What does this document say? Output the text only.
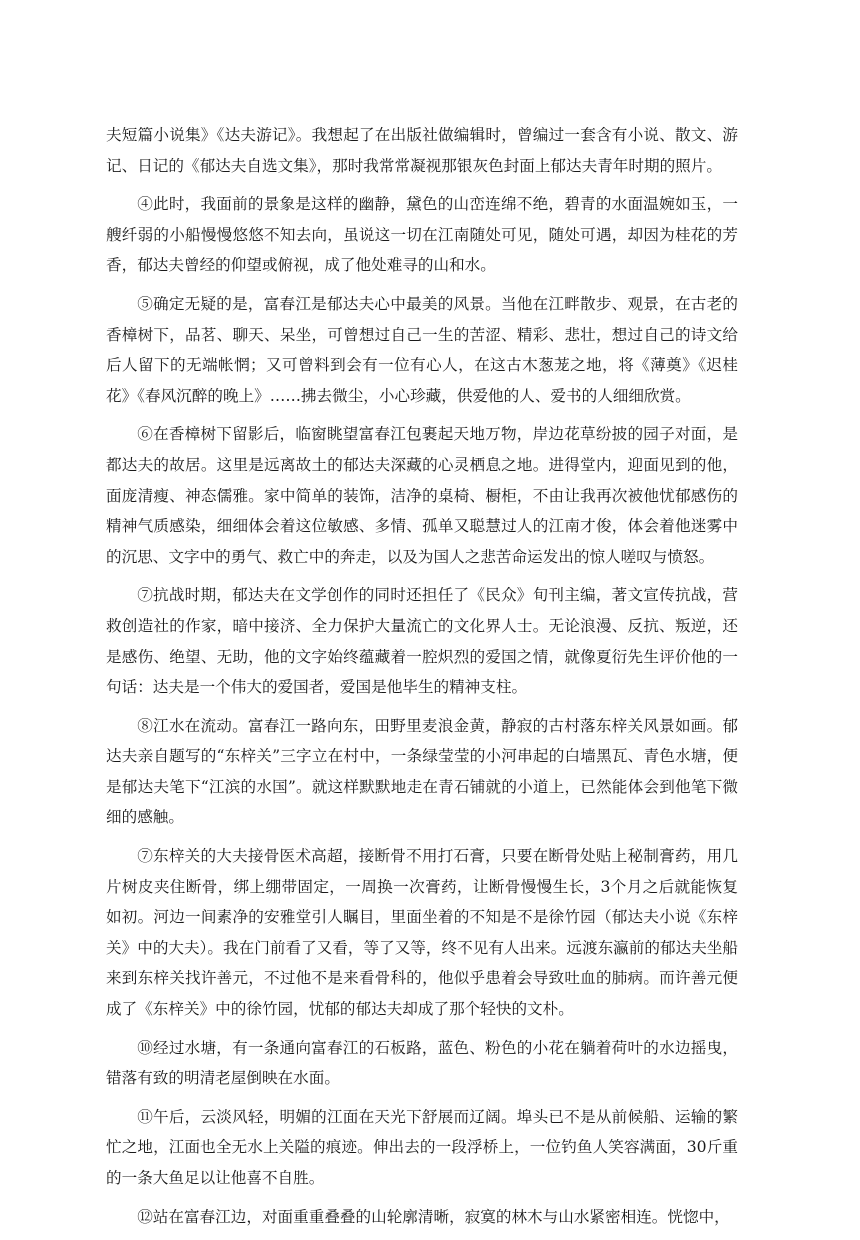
夫短篇小说集》《达夫游记》。我想起了在出版社做编辑时，曾编过一套含有小说、散文、游记、日记的《郁达夫自选文集》，那时我常常凝视那银灰色封面上郁达夫青年时期的照片。

④此时，我面前的景象是这样的幽静，黛色的山峦连绵不绝，碧青的水面温婉如玉，一艘纤弱的小船慢慢悠悠不知去向，虽说这一切在江南随处可见，随处可遇，却因为桂花的芳香，郁达夫曾经的仰望或俯视，成了他处难寻的山和水。

⑤确定无疑的是，富春江是郁达夫心中最美的风景。当他在江畔散步、观景，在古老的香樟树下，品茗、聊天、呆坐，可曾想过自己一生的苦涩、精彩、悲壮，想过自己的诗文给后人留下的无端帐惘；又可曾料到会有一位有心人，在这古木葱茏之地，将《薄奠》《迟桂花》《春风沉醉的晚上》……拂去微尘，小心珍藏，供爱他的人、爱书的人细细欣赏。

⑥在香樟树下留影后，临窗眺望富春江包裹起天地万物，岸边花草纷披的园子对面，是都达夫的故居。这里是远离故土的郁达夫深藏的心灵栖息之地。进得堂内，迎面见到的他，面庞清瘦、神态儒雅。家中简单的装饰，洁净的桌椅、橱柜，不由让我再次被他忧郁感伤的精神气质感染，细细体会着这位敏感、多情、孤单又聪慧过人的江南才俊，体会着他迷雾中的沉思、文字中的勇气、救亡中的奔走，以及为国人之悲苦命运发出的惊人嗟叹与愤怒。

⑦抗战时期，郁达夫在文学创作的同时还担任了《民众》旬刊主编，著文宣传抗战，营救创造社的作家，暗中接济、全力保护大量流亡的文化界人士。无论浪漫、反抗、叛逆，还是感伤、绝望、无助，他的文字始终蕴藏着一腔炽烈的爱国之情，就像夏衍先生评价他的一句话：达夫是一个伟大的爱国者，爱国是他毕生的精神支柱。

⑧江水在流动。富春江一路向东，田野里麦浪金黄，静寂的古村落东梓关风景如画。郁达夫亲自题写的“东梓关”三字立在村中，一条绿莹莹的小河串起的白墙黑瓦、青色水塘，便是郁达夫笔下“江滨的水国”。就这样默默地走在青石铺就的小道上，已然能体会到他笔下微细的感触。

⑦东梓关的大夫接骨医术高超，接断骨不用打石膏，只要在断骨处贴上秘制膏药，用几片树皮夹住断骨，绑上绷带固定，一周换一次膏药，让断骨慢慢生长，3个月之后就能恢复如初。河边一间素净的安雅堂引人瞩目，里面坐着的不知是不是徐竹园（郁达夫小说《东梓关》中的大夫）。我在门前看了又看，等了又等，终不见有人出来。远渡东瀛前的郁达夫坐船来到东梓关找许善元，不过他不是来看骨科的，他似乎患着会导致吐血的肺病。而许善元便成了《东梓关》中的徐竹园，忧郁的郁达夫却成了那个轻快的文朴。

⑩经过水塘，有一条通向富春江的石板路，蓝色、粉色的小花在躺着荷叶的水边摇曳，错落有致的明清老屋倒映在水面。

⑪午后，云淡风轻，明媚的江面在天光下舒展而辽阔。埠头已不是从前候船、运输的繁忙之地，江面也全无水上关隘的痕迹。伸出去的一段浮桥上，一位钓鱼人笑容满面，30斤重的一条大鱼足以让他喜不自胜。

⑫站在富春江边，对面重重叠叠的山轮廓清晰，寂寞的林木与山水紧密相连。恍惚中，
